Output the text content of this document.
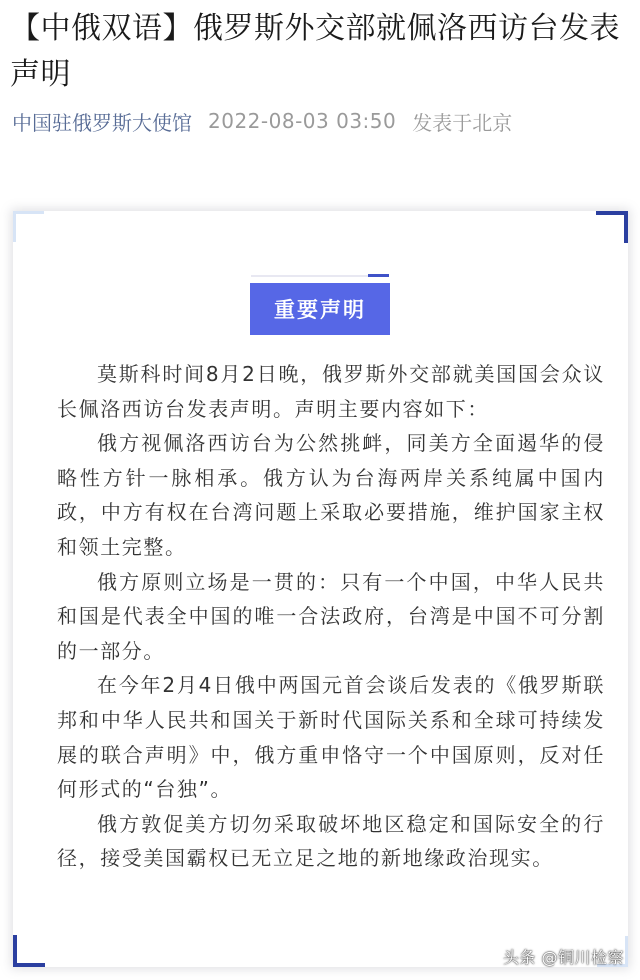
【中俄双语】俄罗斯外交部就佩洛西访台发表声明
中国驻俄罗斯大使馆 2022-08-03 03:50 发表于北京
重要声明

莫斯科时间8月2日晚，俄罗斯外交部就美国国会众议长佩洛西访台发表声明。声明主要内容如下：

俄方视佩洛西访台为公然挑衅，同美方全面遏华的侵略性方针一脉相承。俄方认为台海两岸关系纯属中国内政，中方有权在台湾问题上采取必要措施，维护国家主权和领土完整。

俄方原则立场是一贯的：只有一个中国，中华人民共和国是代表全中国的唯一合法政府，台湾是中国不可分割的一部分。

在今年2月4日俄中两国元首会谈后发表的《俄罗斯联邦和中华人民共和国关于新时代国际关系和全球可持续发展的联合声明》中，俄方重申恪守一个中国原则，反对任何形式的“台独”。

俄方敦促美方切勿采取破坏地区稳定和国际安全的行径，接受美国霸权已无立足之地的新地缘政治现实。

头条 @铜川检察
